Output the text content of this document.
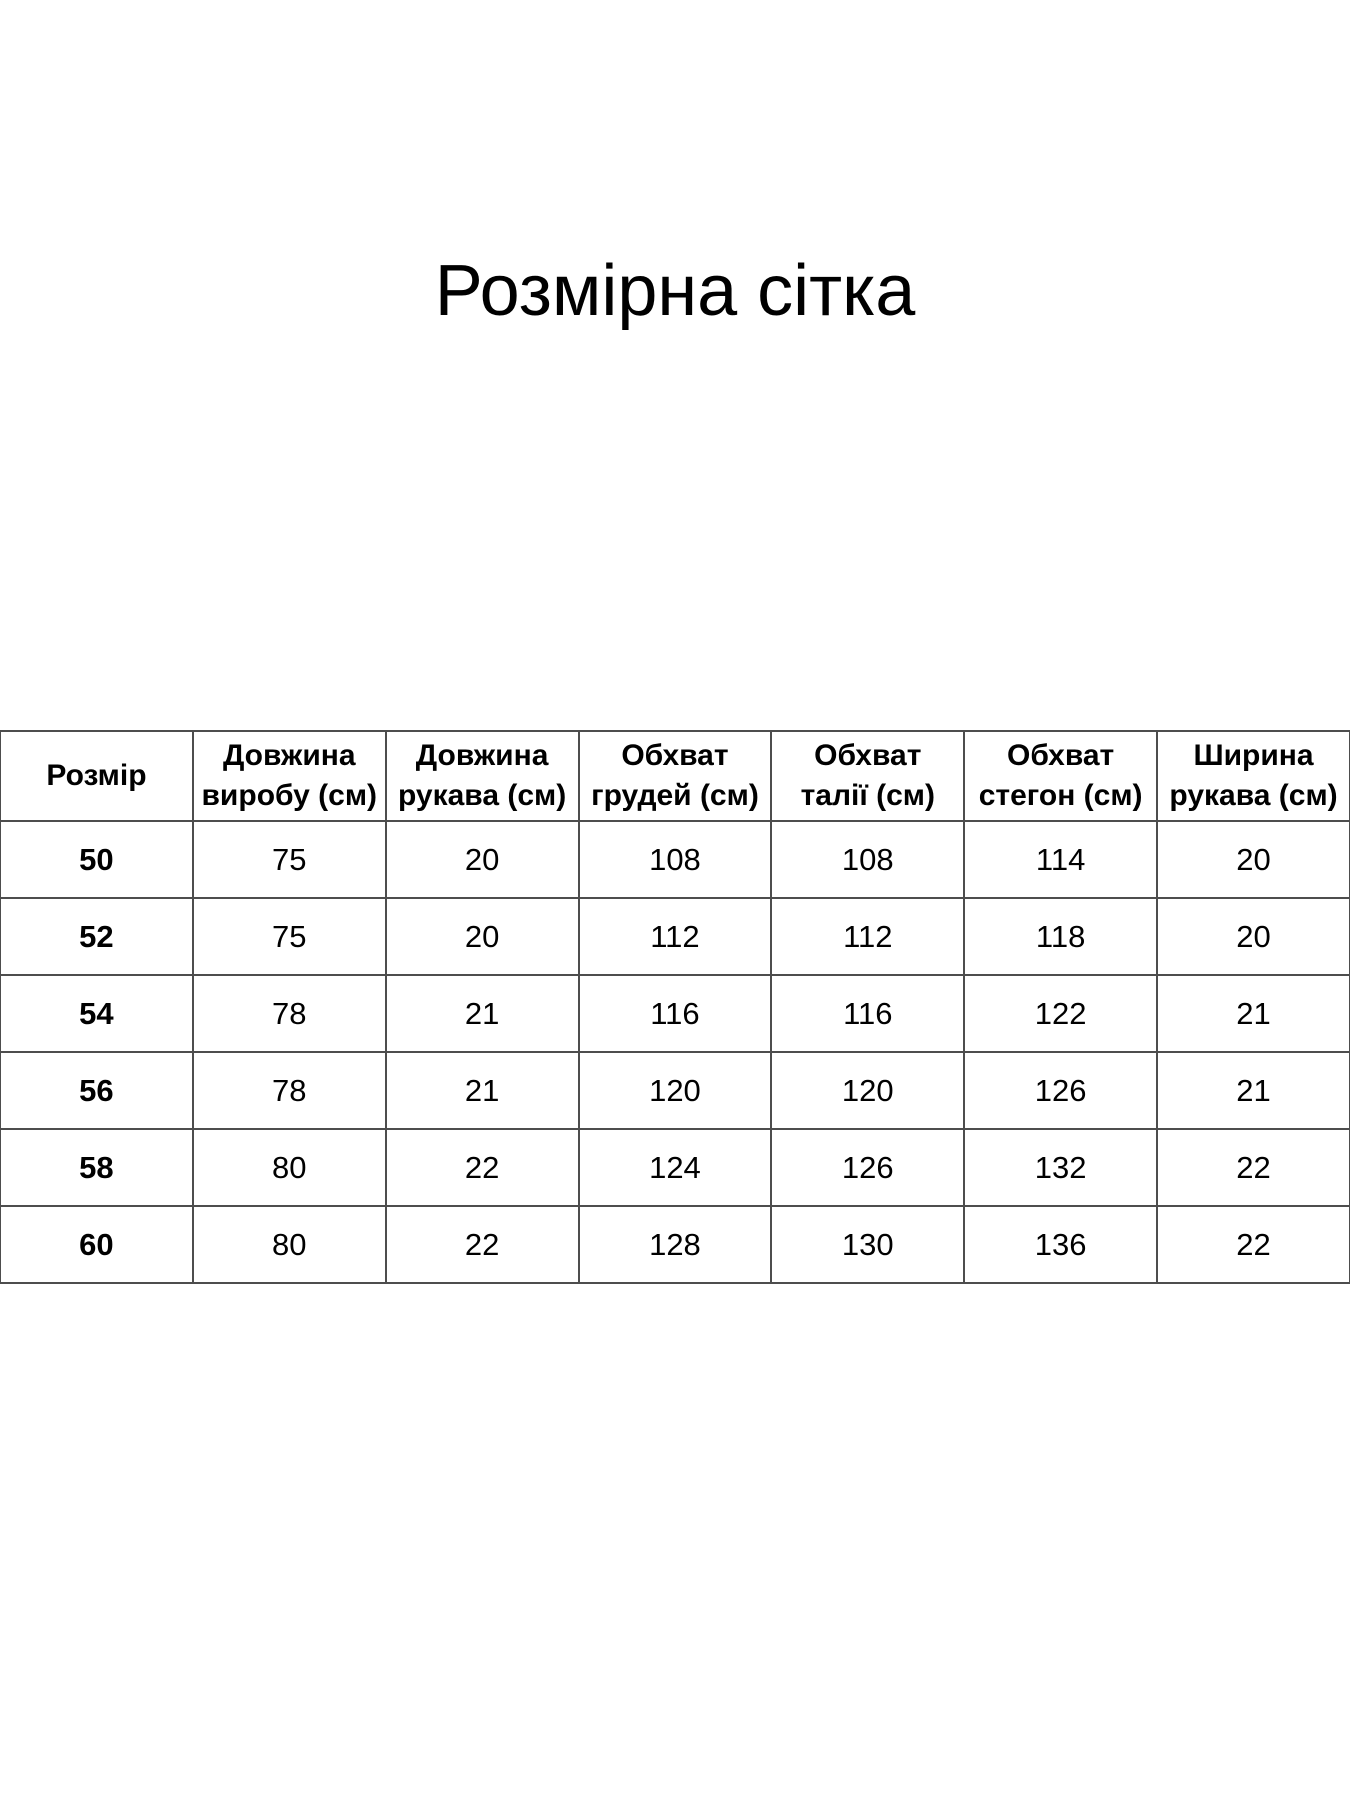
Розмірна сітка
Розмір	Довжина виробу (см)	Довжина рукава (см)	Обхват грудей (см)	Обхват талії (см)	Обхват стегон (см)	Ширина рукава (см)
50	75	20	108	108	114	20
52	75	20	112	112	118	20
54	78	21	116	116	122	21
56	78	21	120	120	126	21
58	80	22	124	126	132	22
60	80	22	128	130	136	22
